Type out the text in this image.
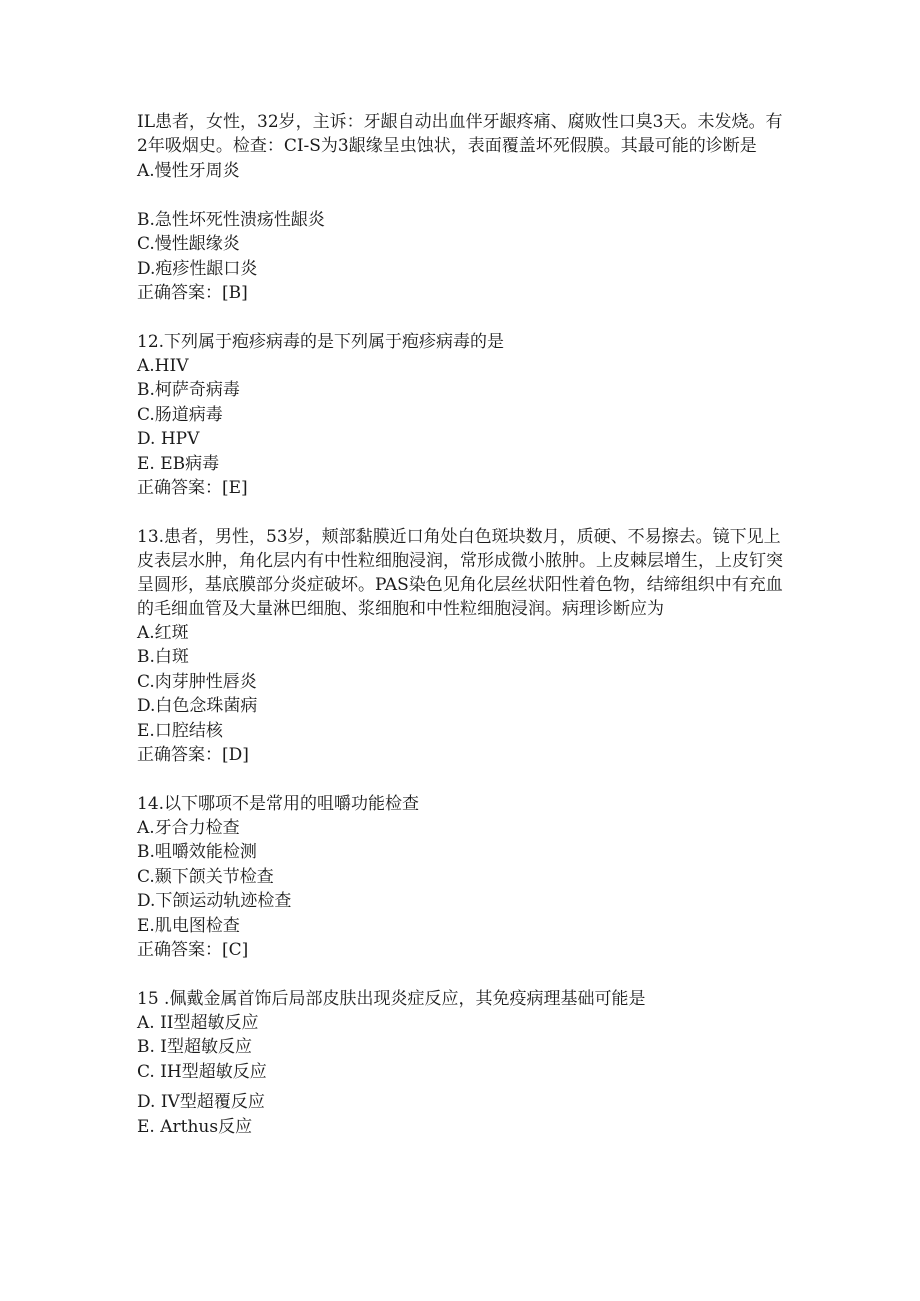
IL患者，女性，32岁，主诉：牙龈自动出血伴牙龈疼痛、腐败性口臭3天。未发烧。有2年吸烟史。检查：CI-S为3龈缘呈虫蚀状，表面覆盖坏死假膜。其最可能的诊断是

A.慢性牙周炎

B.急性坏死性溃疡性龈炎

C.慢性龈缘炎

D.疱疹性龈口炎

正确答案：[B]

12.下列属于疱疹病毒的是下列属于疱疹病毒的是

A.HIV

B.柯萨奇病毒

C.肠道病毒

D. HPV

E. EB病毒

正确答案：[E]

13.患者，男性，53岁，颊部黏膜近口角处白色斑块数月，质硬、不易擦去。镜下见上皮表层水肿，角化层内有中性粒细胞浸润，常形成微小脓肿。上皮棘层增生，上皮钉突呈圆形，基底膜部分炎症破坏。PAS染色见角化层丝状阳性着色物，结缔组织中有充血的毛细血管及大量淋巴细胞、浆细胞和中性粒细胞浸润。病理诊断应为

A.红斑

B.白斑

C.肉芽肿性唇炎

D.白色念珠菌病

E.口腔结核

正确答案：[D]

14.以下哪项不是常用的咀嚼功能检查

A.牙合力检查

B.咀嚼效能检测

C.颞下颌关节检查

D.下颌运动轨迹检查

E.肌电图检查

正确答案：[C]

15 .佩戴金属首饰后局部皮肤出现炎症反应，其免疫病理基础可能是

A. II型超敏反应

B. I型超敏反应

C. IH型超敏反应

D. IV型超覆反应

E. Arthus反应
